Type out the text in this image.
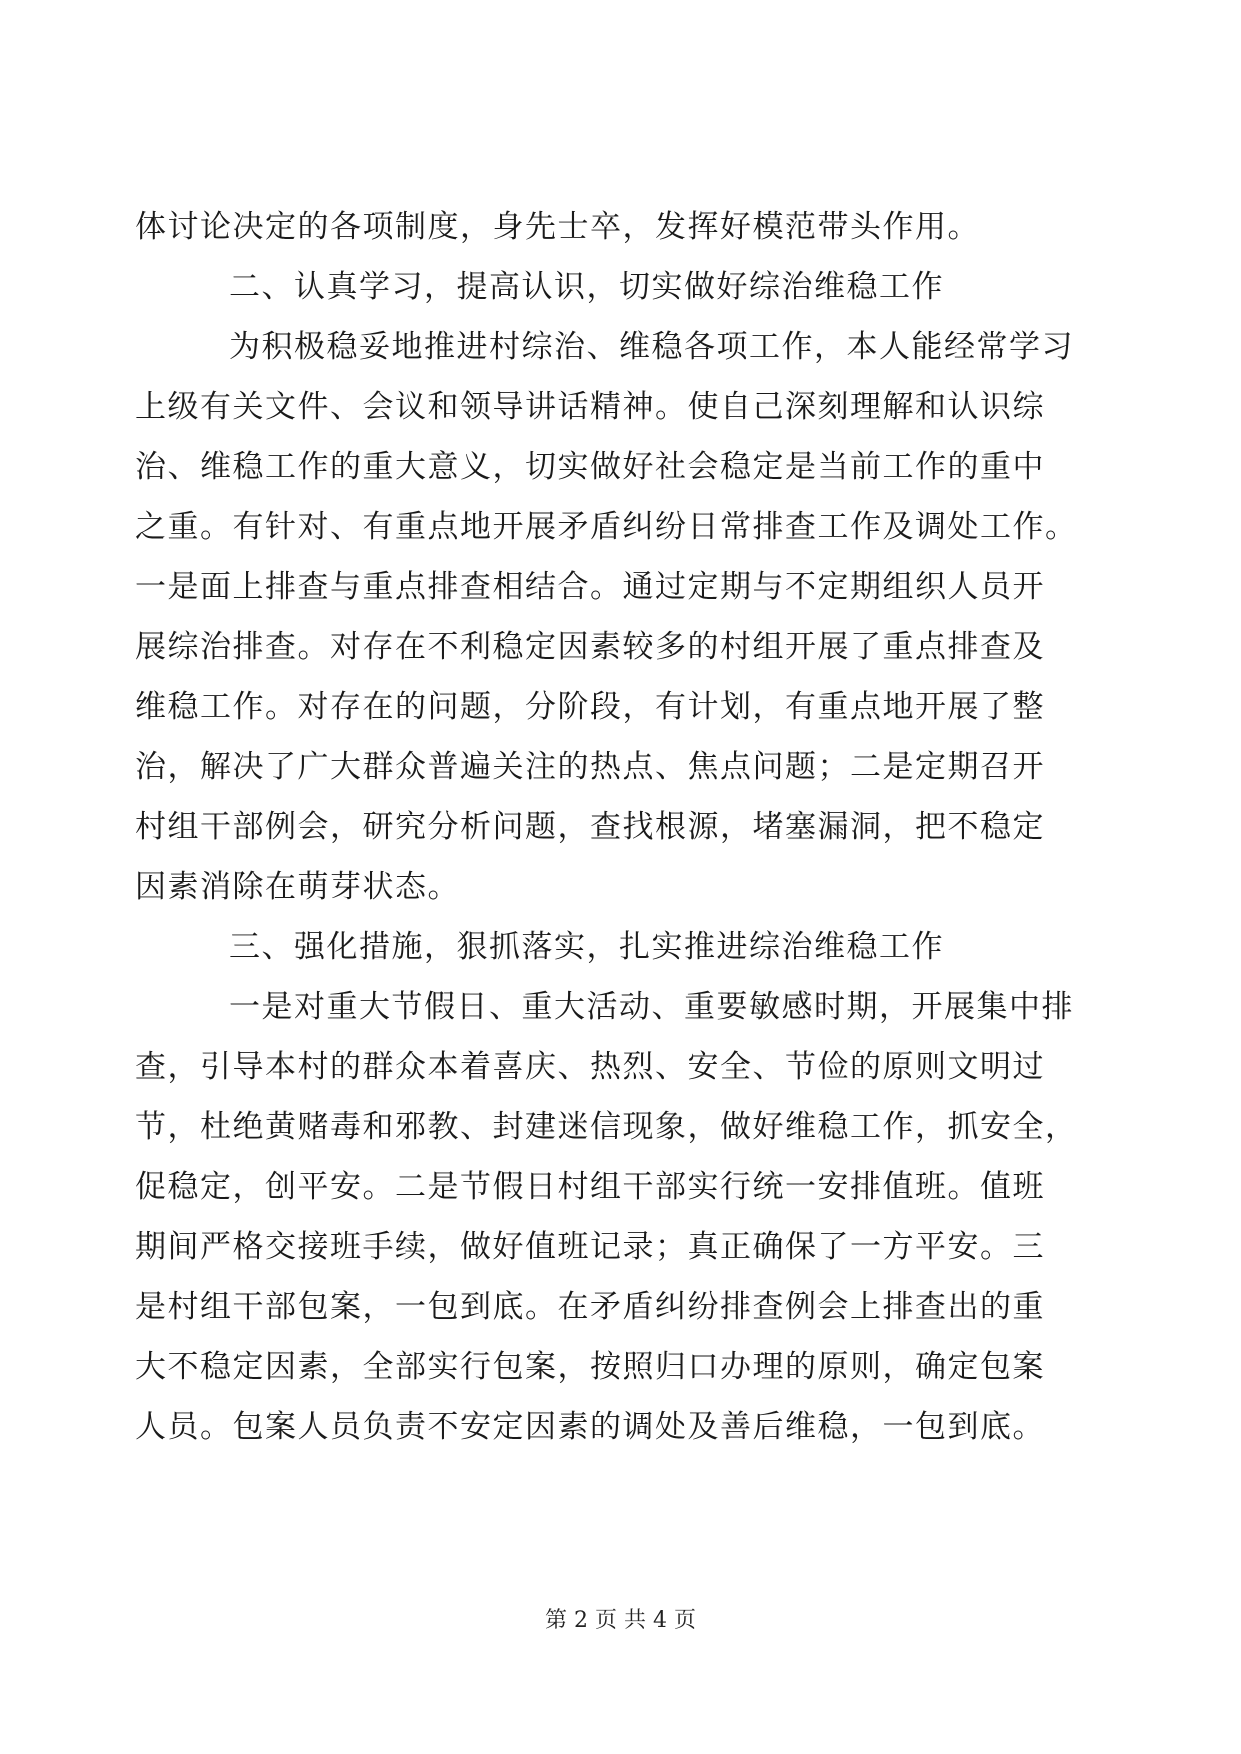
体讨论决定的各项制度，身先士卒，发挥好模范带头作用。
二、认真学习，提高认识，切实做好综治维稳工作
为积极稳妥地推进村综治、维稳各项工作，本人能经常学习
上级有关文件、会议和领导讲话精神。使自己深刻理解和认识综
治、维稳工作的重大意义，切实做好社会稳定是当前工作的重中
之重。有针对、有重点地开展矛盾纠纷日常排查工作及调处工作。
一是面上排查与重点排查相结合。通过定期与不定期组织人员开
展综治排查。对存在不利稳定因素较多的村组开展了重点排查及
维稳工作。对存在的问题，分阶段，有计划，有重点地开展了整
治，解决了广大群众普遍关注的热点、焦点问题；二是定期召开
村组干部例会，研究分析问题，查找根源，堵塞漏洞，把不稳定
因素消除在萌芽状态。
三、强化措施，狠抓落实，扎实推进综治维稳工作
一是对重大节假日、重大活动、重要敏感时期，开展集中排
查，引导本村的群众本着喜庆、热烈、安全、节俭的原则文明过
节，杜绝黄赌毒和邪教、封建迷信现象，做好维稳工作，抓安全，
促稳定，创平安。二是节假日村组干部实行统一安排值班。值班
期间严格交接班手续，做好值班记录；真正确保了一方平安。三
是村组干部包案，一包到底。在矛盾纠纷排查例会上排查出的重
大不稳定因素，全部实行包案，按照归口办理的原则，确定包案
人员。包案人员负责不安定因素的调处及善后维稳，一包到底。
第 2 页 共 4 页
